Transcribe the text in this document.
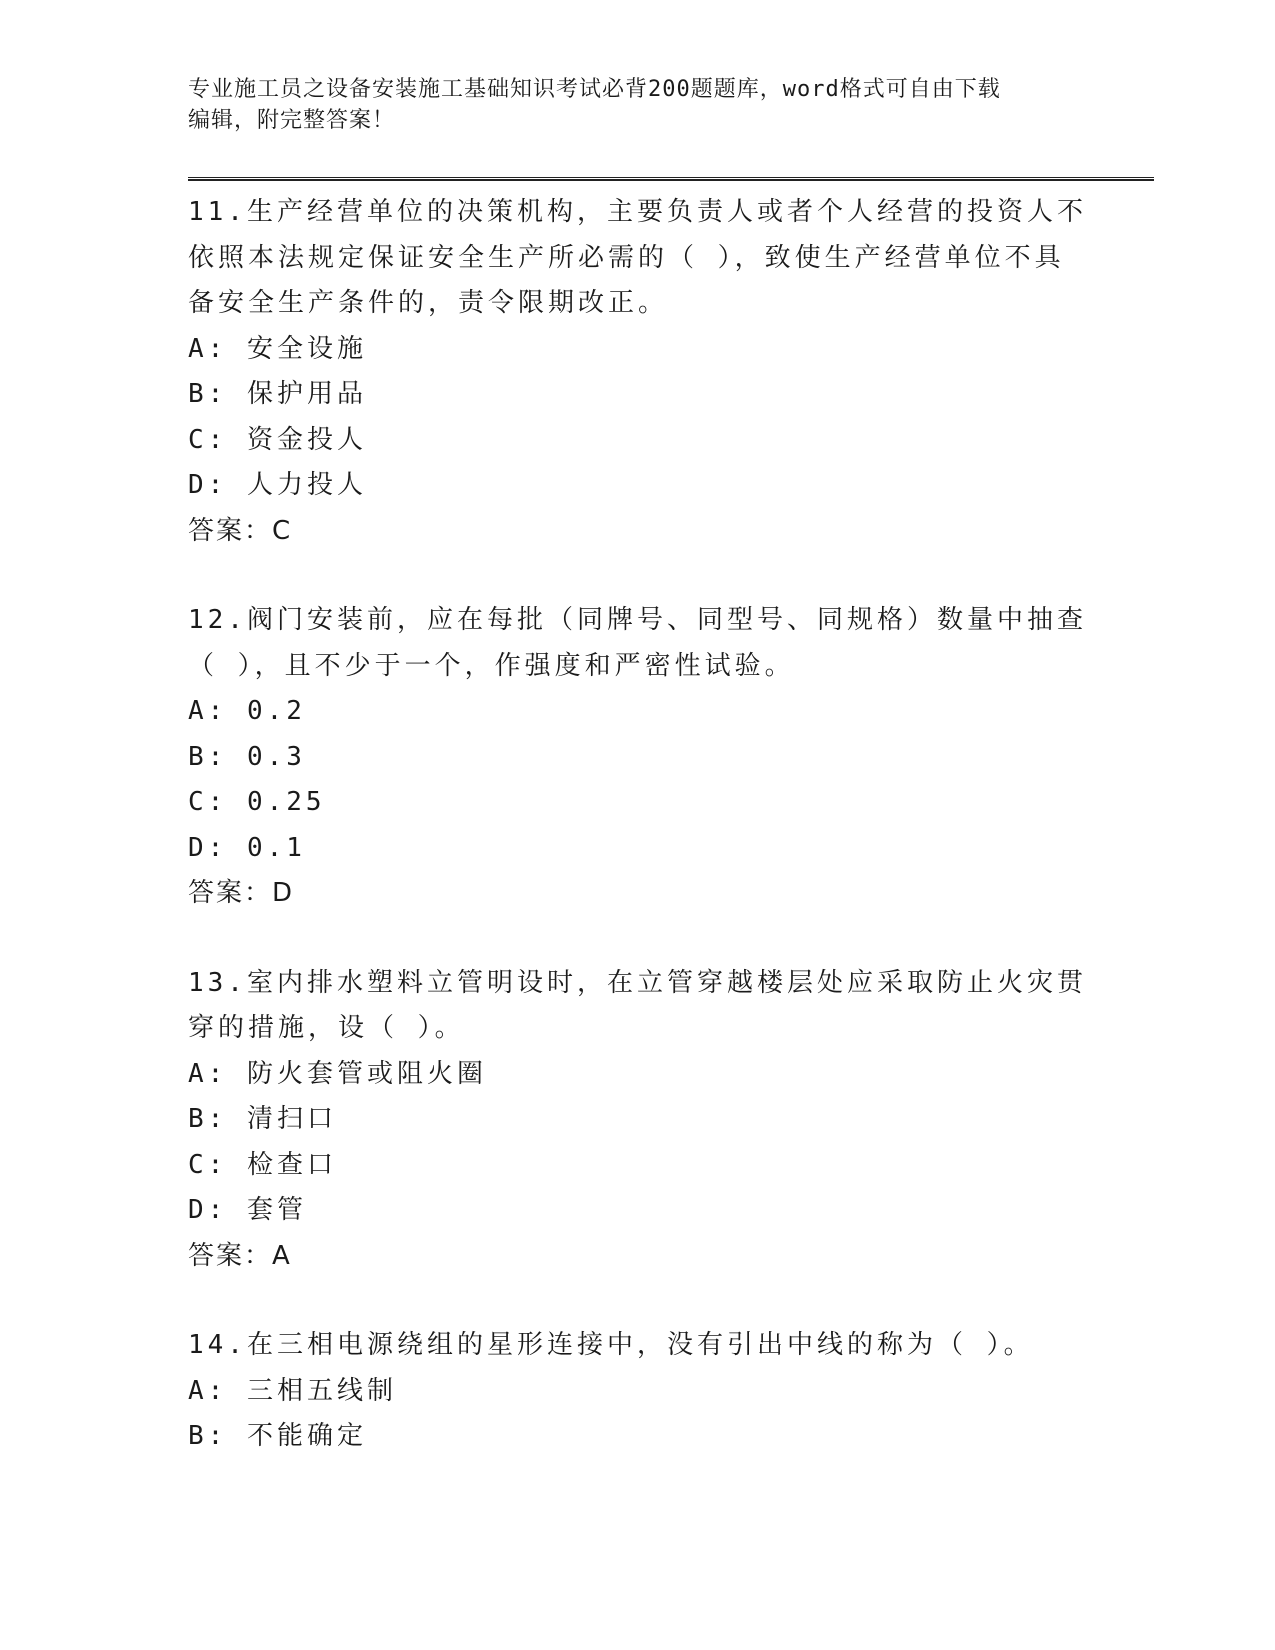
专业施工员之设备安装施工基础知识考试必背200题题库，word格式可自由下载
编辑，附完整答案！

11.生产经营单位的决策机构，主要负责人或者个人经营的投资人不依照本法规定保证安全生产所必需的（ ），致使生产经营单位不具备安全生产条件的，责令限期改正。

A: 安全设施

B: 保护用品

C: 资金投人

D: 人力投人

答案：C

12.阀门安装前，应在每批（同牌号、同型号、同规格）数量中抽查（ ），且不少于一个，作强度和严密性试验。

A: 0.2

B: 0.3

C: 0.25

D: 0.1

答案：D

13.室内排水塑料立管明设时，在立管穿越楼层处应采取防止火灾贯穿的措施，设（ ）。

A: 防火套管或阻火圈

B: 清扫口

C: 检查口

D: 套管

答案：A

14.在三相电源绕组的星形连接中，没有引出中线的称为（ ）。

A: 三相五线制

B: 不能确定
